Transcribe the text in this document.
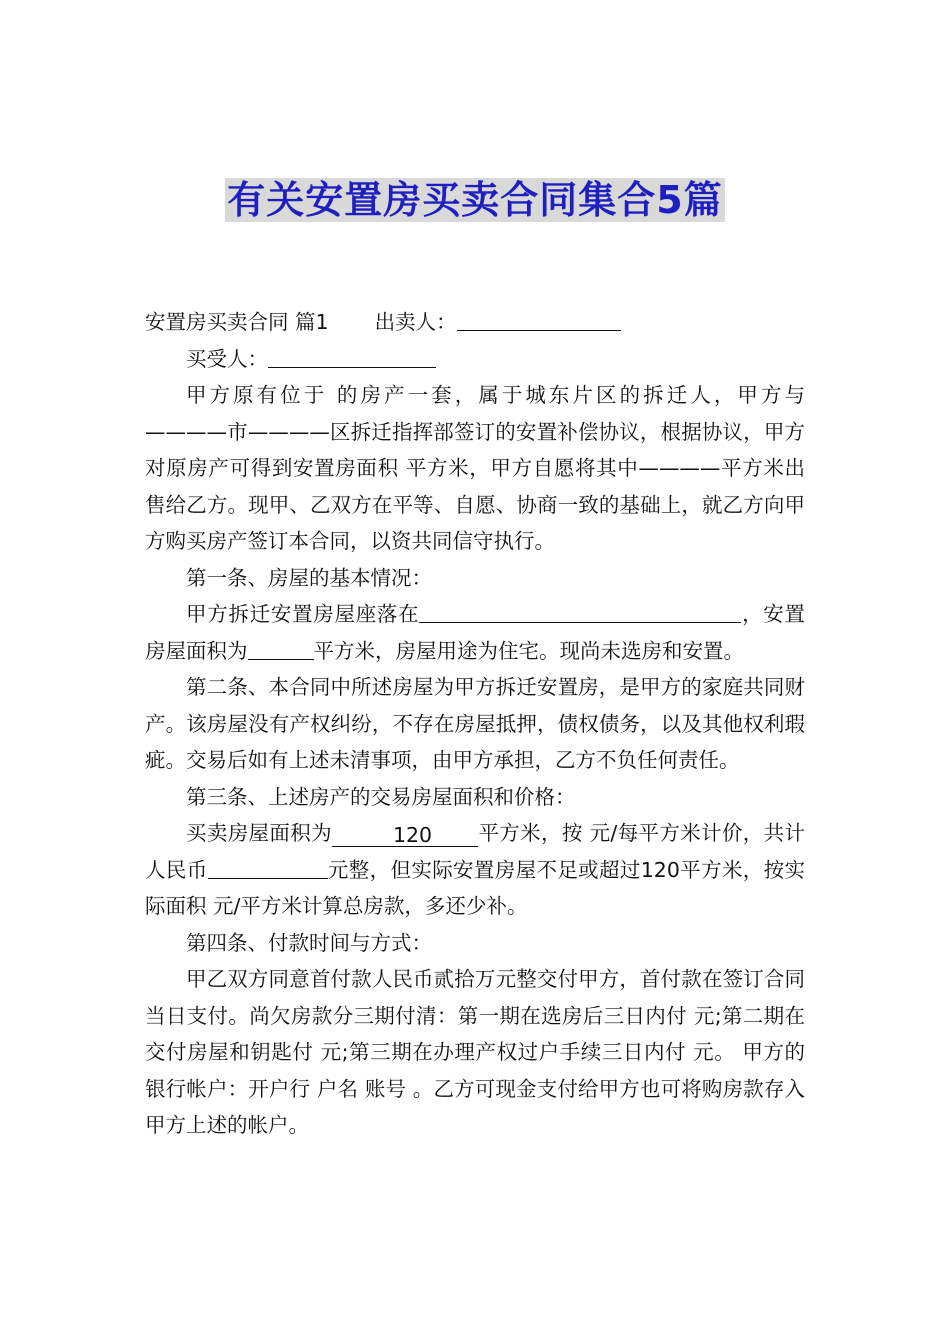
有关安置房买卖合同集合5篇

安置房买卖合同 篇1 出卖人：

买受人：

甲方原有位于 的房产一套，属于城东片区的拆迁人，甲方与————市————区拆迁指挥部签订的安置补偿协议，根据协议，甲方对原房产可得到安置房面积 平方米，甲方自愿将其中————平方米出售给乙方。现甲、乙双方在平等、自愿、协商一致的基础上，就乙方向甲方购买房产签订本合同，以资共同信守执行。

第一条、房屋的基本情况：

甲方拆迁安置房屋座落在	，安置房屋面积为	平方米，房屋用途为住宅。现尚未选房和安置。

第二条、本合同中所述房屋为甲方拆迁安置房，是甲方的家庭共同财产。该房屋没有产权纠纷，不存在房屋抵押，债权债务，以及其他权利瑕疵。交易后如有上述未清事项，由甲方承担，乙方不负任何责任。

第三条、上述房产的交易房屋面积和价格：

买卖房屋面积为	120 平方米，按 元/每平方米计价，共计人民币	元整，但实际安置房屋不足或超过120平方米，按实际面积 元/平方米计算总房款，多还少补。

第四条、付款时间与方式：

甲乙双方同意首付款人民币贰拾万元整交付甲方，首付款在签订合同当日支付。尚欠房款分三期付清：第一期在选房后三日内付 元;第二期在交付房屋和钥匙付 元;第三期在办理产权过户手续三日内付 元。 甲方的银行帐户：开户行 户名 账号 。乙方可现金支付给甲方也可将购房款存入甲方上述的帐户。
